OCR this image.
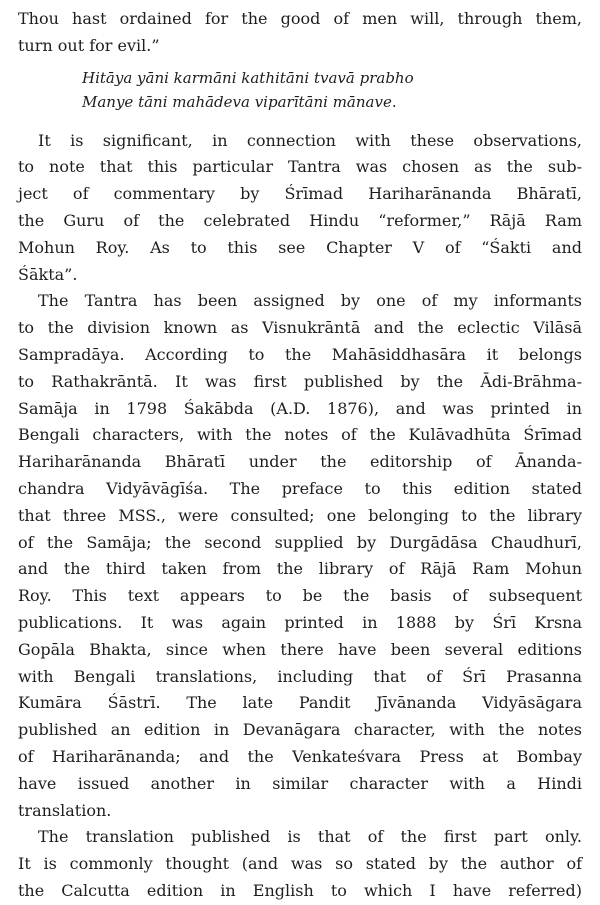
Thou hast ordained for the good of men will, through them,
turn out for evil.”
Hitāya yāni karmāni kathitāni tvavā prabho
Manye tāni mahādeva viparītāni mānave.
It is significant, in connection with these observations,
to note that this particular Tantra was chosen as the sub-
ject of commentary by Śrīmad Hariharānanda Bhāratī,
the Guru of the celebrated Hindu “reformer,” Rājā Ram
Mohun Roy. As to this see Chapter V of “Śakti and
Śākta”.
The Tantra has been assigned by one of my informants
to the division known as Visnukrāntā and the eclectic Vilāsā
Sampradāya. According to the Mahāsiddhasāra it belongs
to Rathakrāntā. It was first published by the Ādi-Brāhma-
Samāja in 1798 Śakābda (A.D. 1876), and was printed in
Bengali characters, with the notes of the Kulāvadhūta Śrīmad
Hariharānanda Bhāratī under the editorship of Ānanda-
chandra Vidyāvāgīśa. The preface to this edition stated
that three MSS., were consulted; one belonging to the library
of the Samāja; the second supplied by Durgādāsa Chaudhurī,
and the third taken from the library of Rājā Ram Mohun
Roy. This text appears to be the basis of subsequent
publications. It was again printed in 1888 by Śrī Krsna
Gopāla Bhakta, since when there have been several editions
with Bengali translations, including that of Śrī Prasanna
Kumāra Śāstrī. The late Pandit Jīvānanda Vidyāsāgara
published an edition in Devanāgara character, with the notes
of Hariharānanda; and the Venkateśvara Press at Bombay
have issued another in similar character with a Hindi
translation.
The translation published is that of the first part only.
It is commonly thought (and was so stated by the author of
the Calcutta edition in English to which I have referred)
